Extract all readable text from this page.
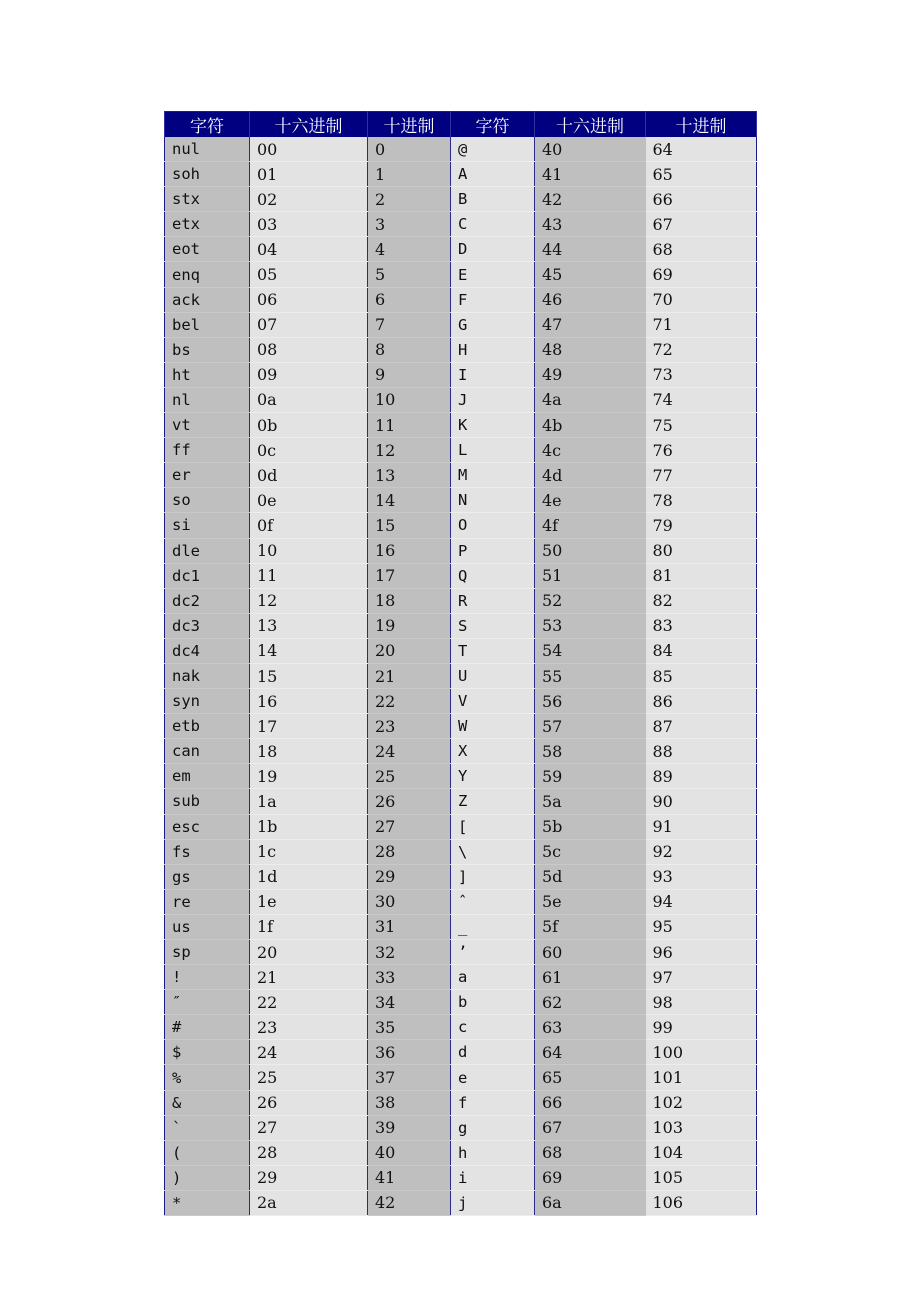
字符	十六进制	十进制	字符	十六进制	十进制
nul	00	0	@	40	64
soh	01	1	A	41	65
stx	02	2	B	42	66
etx	03	3	C	43	67
eot	04	4	D	44	68
enq	05	5	E	45	69
ack	06	6	F	46	70
bel	07	7	G	47	71
bs	08	8	H	48	72
ht	09	9	I	49	73
nl	0a	10	J	4a	74
vt	0b	11	K	4b	75
ff	0c	12	L	4c	76
er	0d	13	M	4d	77
so	0e	14	N	4e	78
si	0f	15	O	4f	79
dle	10	16	P	50	80
dc1	11	17	Q	51	81
dc2	12	18	R	52	82
dc3	13	19	S	53	83
dc4	14	20	T	54	84
nak	15	21	U	55	85
syn	16	22	V	56	86
etb	17	23	W	57	87
can	18	24	X	58	88
em	19	25	Y	59	89
sub	1a	26	Z	5a	90
esc	1b	27	[	5b	91
fs	1c	28	\	5c	92
gs	1d	29	]	5d	93
re	1e	30	ˆ	5e	94
us	1f	31	_	5f	95
sp	20	32	’	60	96
!	21	33	a	61	97
″	22	34	b	62	98
#	23	35	c	63	99
$	24	36	d	64	100
%	25	37	e	65	101
&	26	38	f	66	102
`	27	39	g	67	103
(	28	40	h	68	104
)	29	41	i	69	105
*	2a	42	j	6a	106
